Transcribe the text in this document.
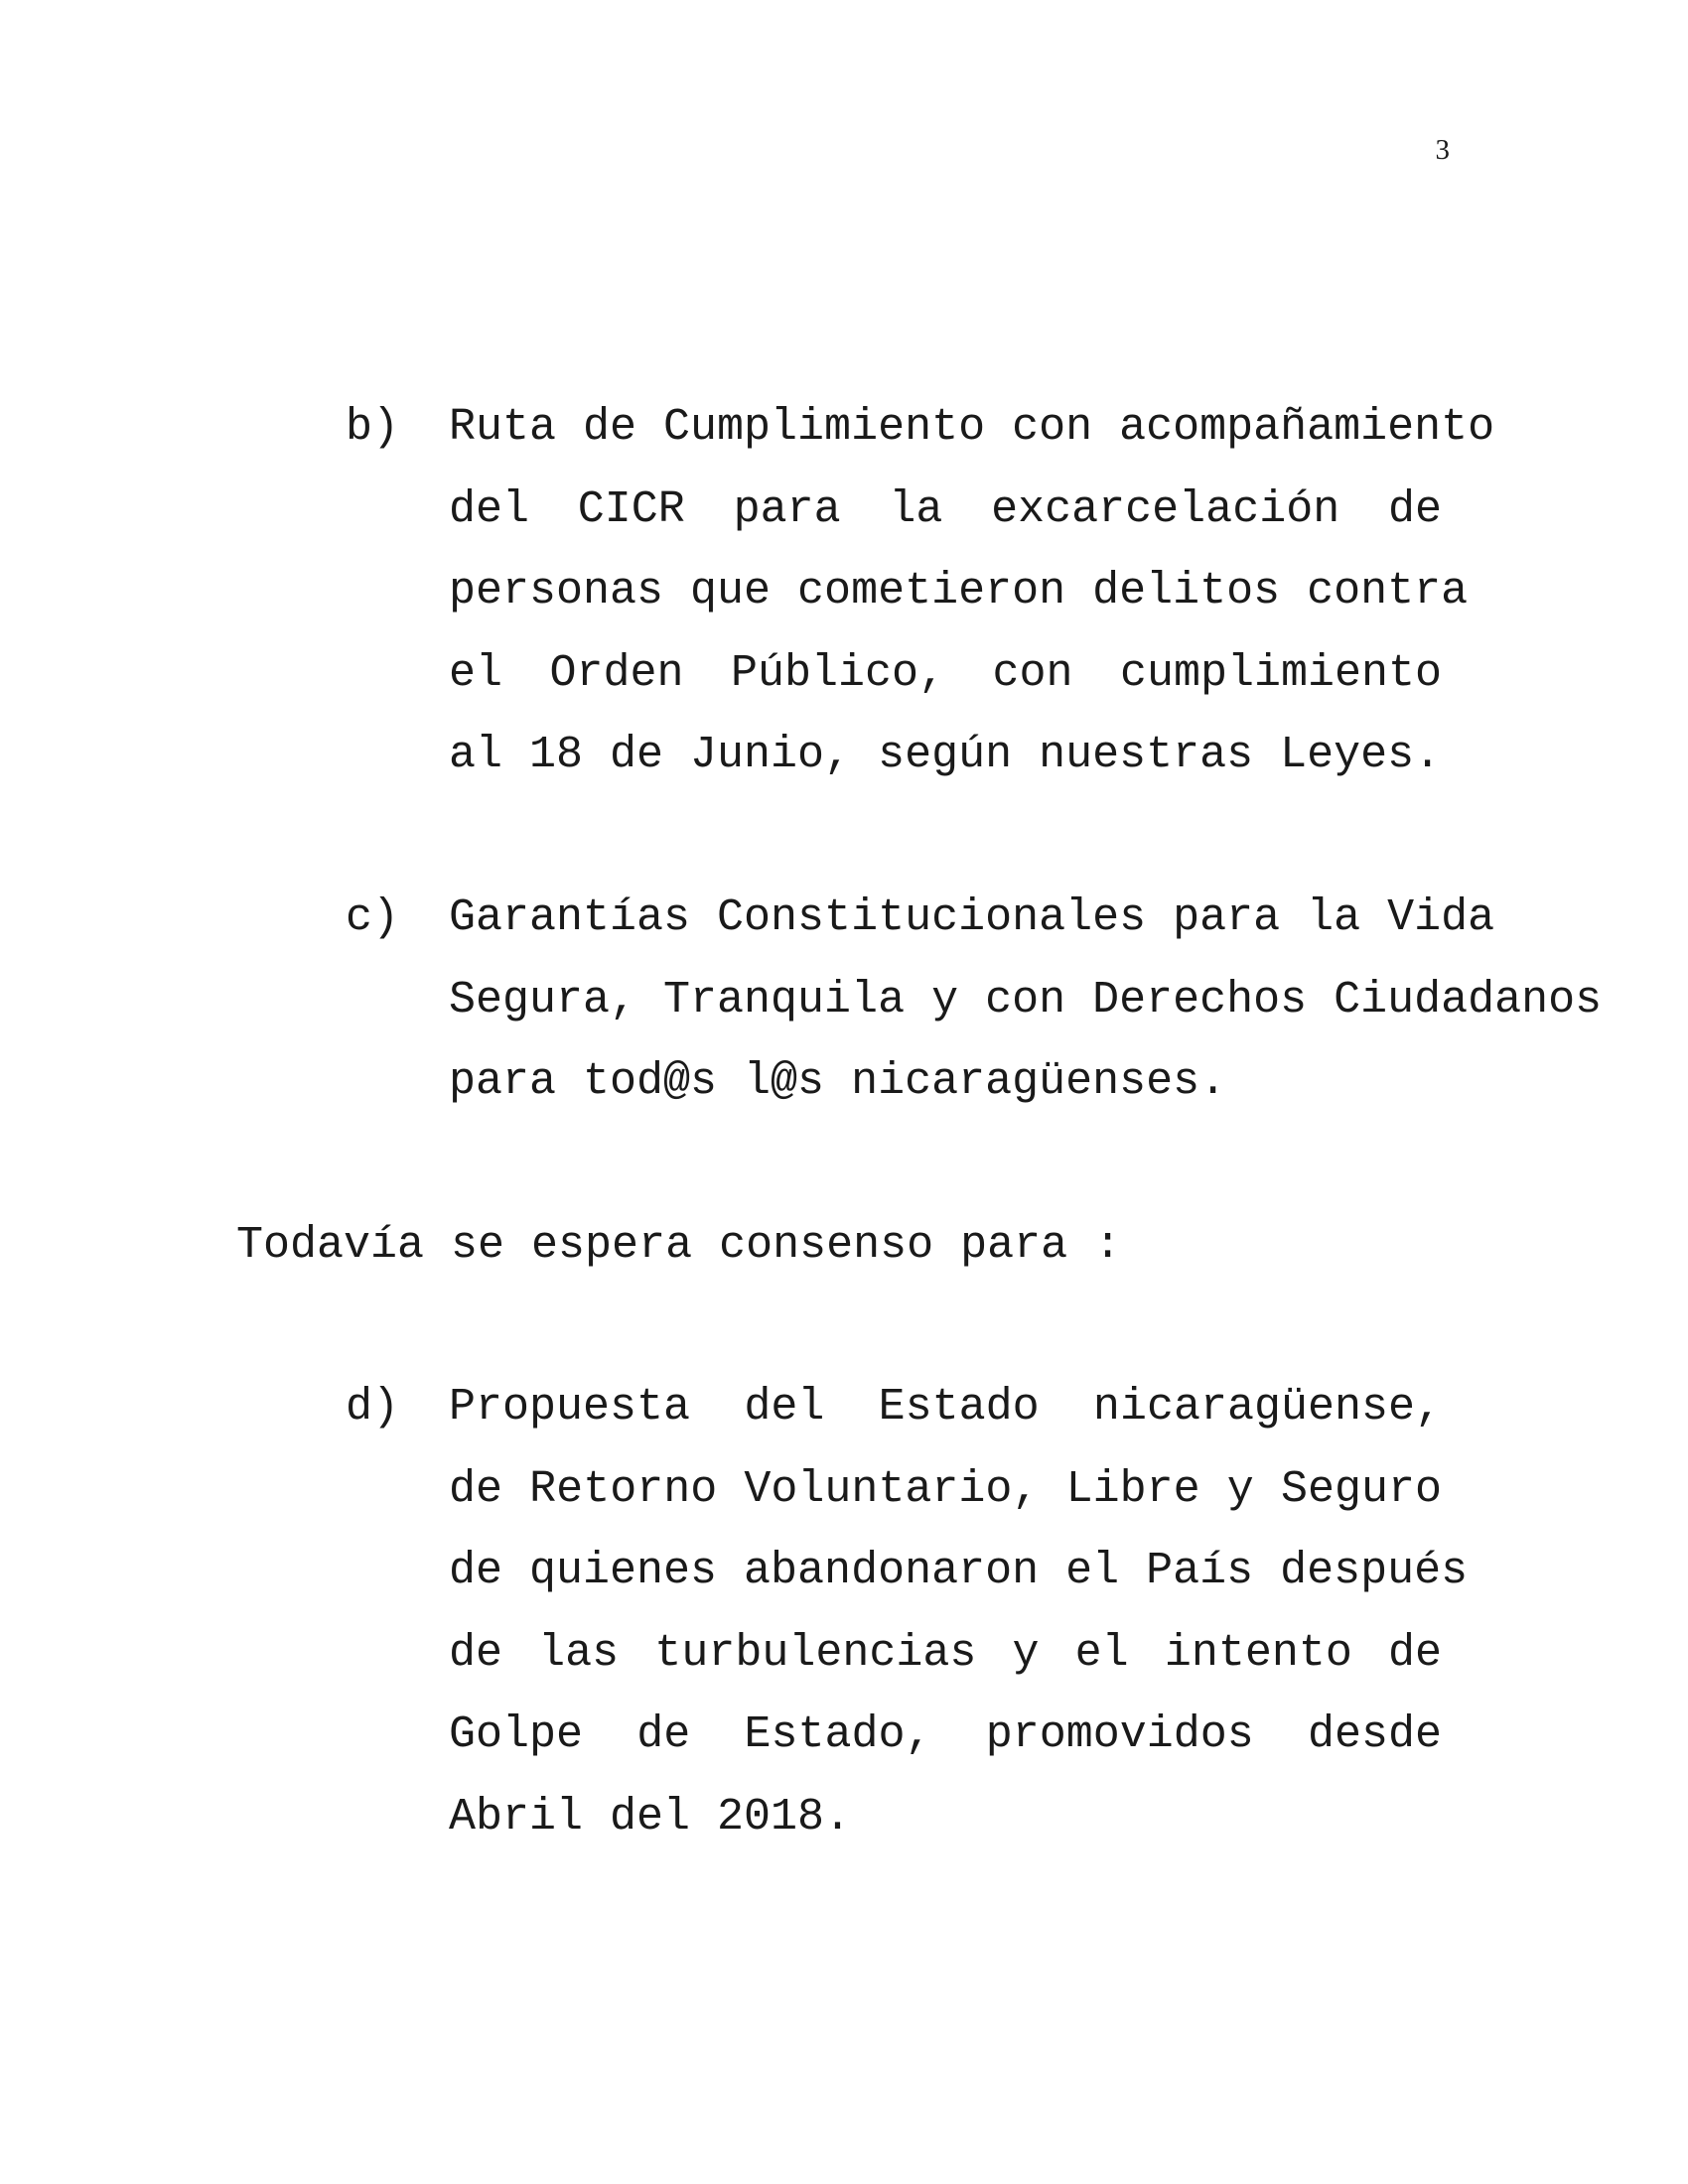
3
b)	Ruta de Cumplimiento con acompañamiento
del CICR para la excarcelación de
personas que cometieron delitos contra
el Orden Público, con cumplimiento
al 18 de Junio, según nuestras Leyes.
c)	Garantías Constitucionales para la Vida
Segura, Tranquila y con Derechos Ciudadanos
para tod@s l@s nicaragüenses.
Todavía se espera consenso para :
d)	Propuesta del Estado nicaragüense,
de Retorno Voluntario, Libre y Seguro
de quienes abandonaron el País después
de las turbulencias y el intento de
Golpe de Estado, promovidos desde
Abril del 2018.
